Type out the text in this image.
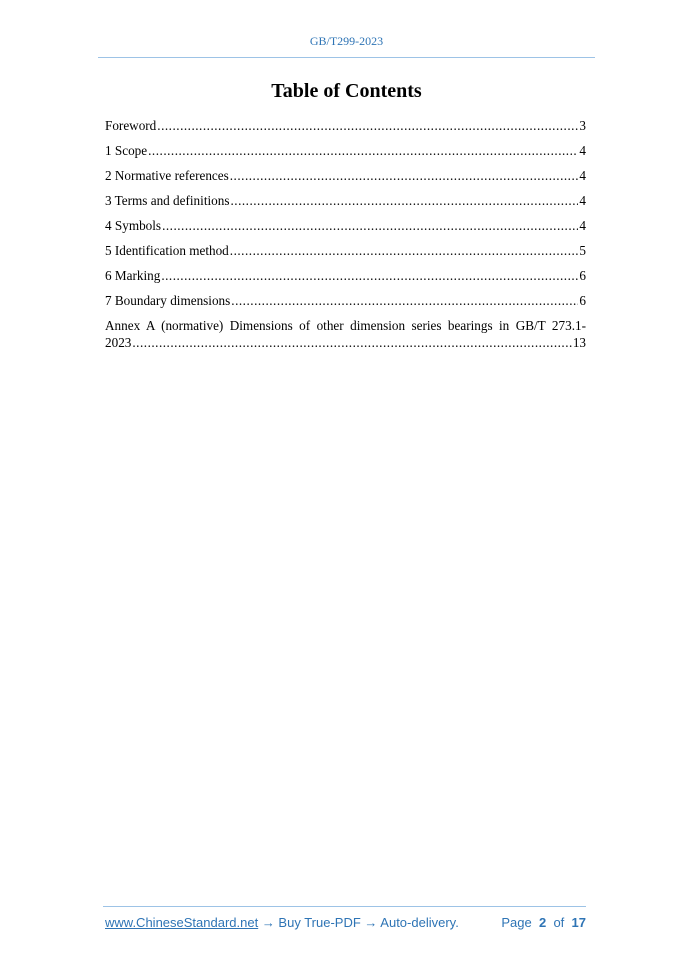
GB/T299-2023
Table of Contents
Foreword .....	3
1 Scope .....	4
2 Normative references .....	4
3 Terms and definitions .....	4
4 Symbols .....	4
5 Identification method .....	5
6 Marking .....	6
7 Boundary dimensions .....	6
Annex A (normative) Dimensions of other dimension series bearings in GB/T 273.1-
2023 .....	13
www.ChineseStandard.net → Buy True-PDF → Auto-delivery.	Page 2 of 17
